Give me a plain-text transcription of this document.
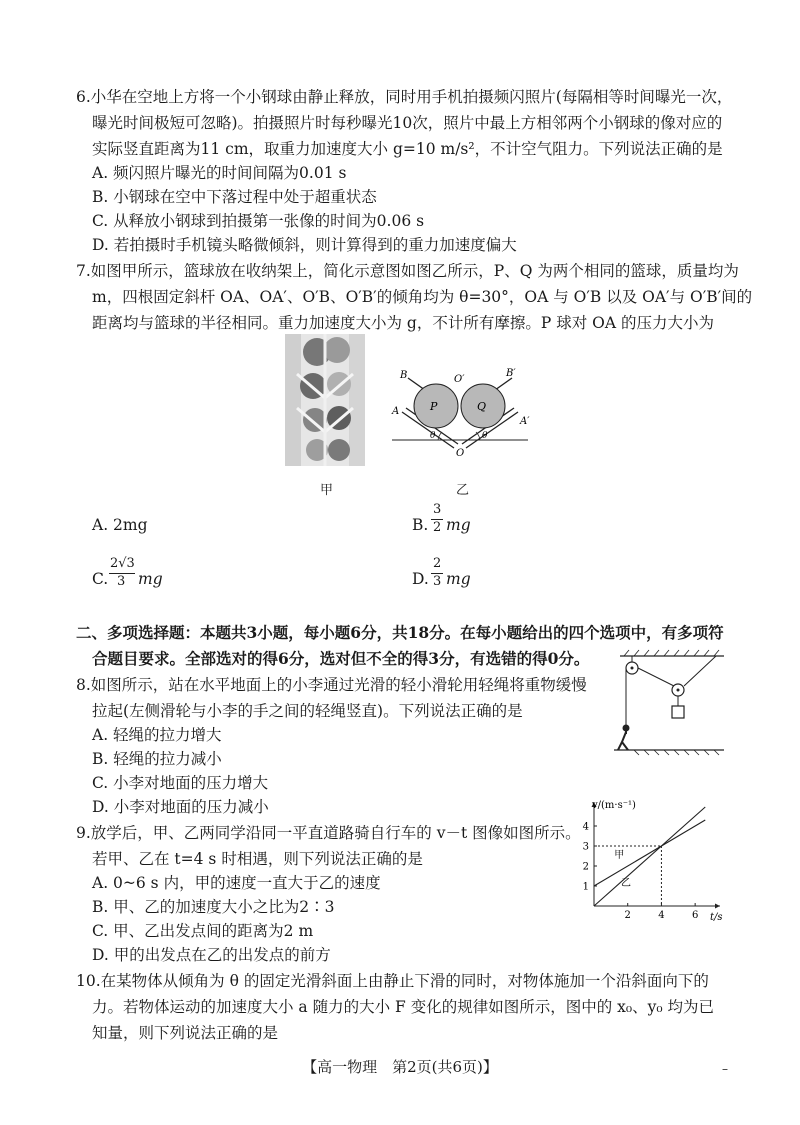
6.小华在空地上方将一个小钢球由静止释放，同时用手机拍摄频闪照片(每隔相等时间曝光一次，
曝光时间极短可忽略)。拍摄照片时每秒曝光10次，照片中最上方相邻两个小钢球的像对应的
实际竖直距离为11 cm，取重力加速度大小 g=10 m/s²，不计空气阻力。下列说法正确的是
A. 频闪照片曝光的时间间隔为0.01 s
B. 小钢球在空中下落过程中处于超重状态
C. 从释放小钢球到拍摄第一张像的时间为0.06 s
D. 若拍摄时手机镜头略微倾斜，则计算得到的重力加速度偏大
7.如图甲所示，篮球放在收纳架上，简化示意图如图乙所示，P、Q 为两个相同的篮球，质量均为
m，四根固定斜杆 OA、OA′、O′B、O′B′的倾角均为 θ=30°，OA 与 O′B 以及 OA′与 O′B′间的
距离均与篮球的半径相同。重力加速度大小为 g，不计所有摩擦。P 球对 OA 的压力大小为
B	B′
O′
A
A′
P	Q
O
θ	θ
甲	乙
A. 2mg	B.
3
2 mg
C.
2√3
3 mg	D.
2
3 mg
二、多项选择题：本题共3小题，每小题6分，共18分。在每小题给出的四个选项中，有多项符
合题目要求。全部选对的得6分，选对但不全的得3分，有选错的得0分。
8.如图所示，站在水平地面上的小李通过光滑的轻小滑轮用轻绳将重物缓慢
拉起(左侧滑轮与小李的手之间的轻绳竖直)。下列说法正确的是
A. 轻绳的拉力增大
B. 轻绳的拉力减小
C. 小李对地面的压力增大
D. 小李对地面的压力减小
9.放学后，甲、乙两同学沿同一平直道路骑自行车的 v－t 图像如图所示。
若甲、乙在 t=4 s 时相遇，则下列说法正确的是
A. 0~6 s 内，甲的速度一直大于乙的速度
B. 甲、乙的加速度大小之比为2∶3
C. 甲、乙出发点间的距离为2 m
D. 甲的出发点在乙的出发点的前方
2	4	6
1
2
3
4
t/s
v/(m·s⁻¹)
甲
乙
10.在某物体从倾角为 θ 的固定光滑斜面上由静止下滑的同时，对物体施加一个沿斜面向下的
力。若物体运动的加速度大小 a 随力的大小 F 变化的规律如图所示，图中的 x₀、y₀ 均为已
知量，则下列说法正确的是
【高一物理　第2页(共6页)】	–
